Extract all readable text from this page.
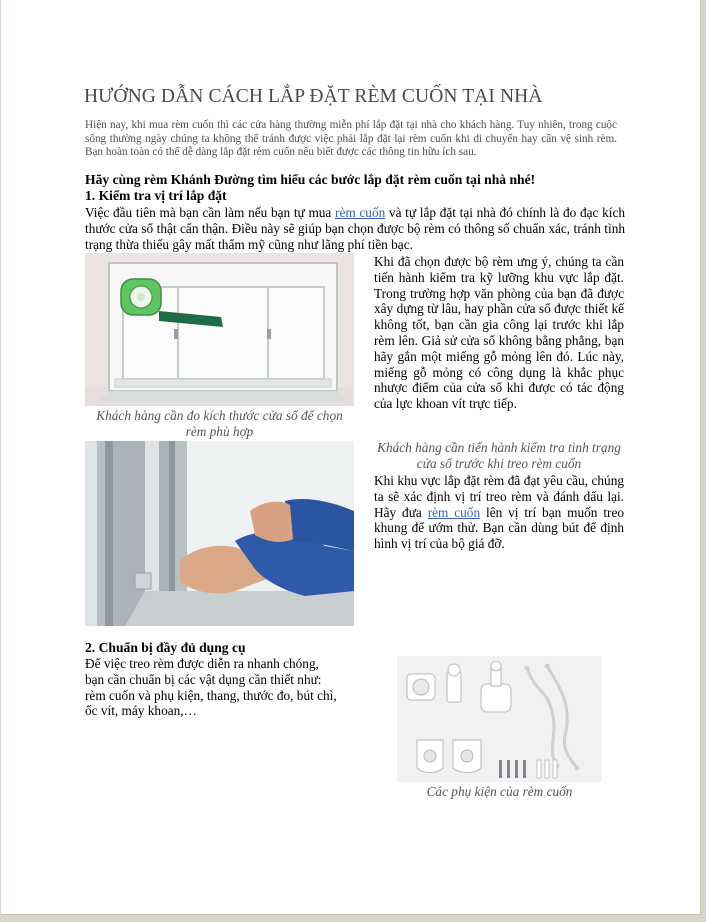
HƯỚNG DẪN CÁCH LẮP ĐẶT RÈM CUỐN TẠI NHÀ
Hiện nay, khi mua rèm cuốn thì các cửa hàng thường miễn phí lắp đặt tại nhà cho khách hàng. Tuy nhiên, trong cuộc sống thường ngày chúng ta không thể tránh được việc phải lắp đặt lại rèm cuốn khi di chuyển hay cần vệ sinh rèm. Bạn hoàn toàn có thể dễ dàng lắp đặt rèm cuốn nếu biết được các thông tin hữu ích sau.
Hãy cùng rèm Khánh Đường tìm hiểu các bước lắp đặt rèm cuốn tại nhà nhé!
1. Kiểm tra vị trí lắp đặt
Việc đầu tiên mà bạn cần làm nếu bạn tự mua rèm cuốn và tự lắp đặt tại nhà đó chính là đo đạc kích thước cửa sổ thật cẩn thận. Điều này sẽ giúp bạn chọn được bộ rèm có thông số chuẩn xác, tránh tình trạng thừa thiếu gây mất thẩm mỹ cũng như lãng phí tiền bạc.
Khách hàng cần đo kích thước cửa sổ để chọn rèm phù hợp
Khi đã chọn được bộ rèm ưng ý, chúng ta cần tiến hành kiểm tra kỹ lưỡng khu vực lắp đặt. Trong trường hợp văn phòng của bạn đã được xây dựng từ lâu, hay phần cửa sổ được thiết kế không tốt, bạn cần gia công lại trước khi lắp rèm lên. Giả sử cửa sổ không bằng phẳng, bạn hãy gắn một miếng gỗ mỏng lên đó. Lúc này, miếng gỗ mỏng có công dụng là khắc phục nhược điểm của cửa sổ khi được có tác động của lực khoan vít trực tiếp.
Khách hàng cần tiến hành kiểm tra tình trạng cửa sổ trước khi treo rèm cuốn
Khi khu vực lắp đặt rèm đã đạt yêu cầu, chúng ta sẽ xác định vị trí treo rèm và đánh dấu lại. Hãy đưa rèm cuốn lên vị trí bạn muốn treo khung để ướm thử. Bạn cần dùng bút để định hình vị trí của bộ giá đỡ.
2. Chuẩn bị đầy đủ dụng cụ
Để việc treo rèm được diễn ra nhanh chóng, bạn cần chuẩn bị các vật dụng cần thiết như: rèm cuốn và phụ kiện, thang, thước đo, bút chì, ốc vít, máy khoan,…
Các phụ kiện của rèm cuốn
